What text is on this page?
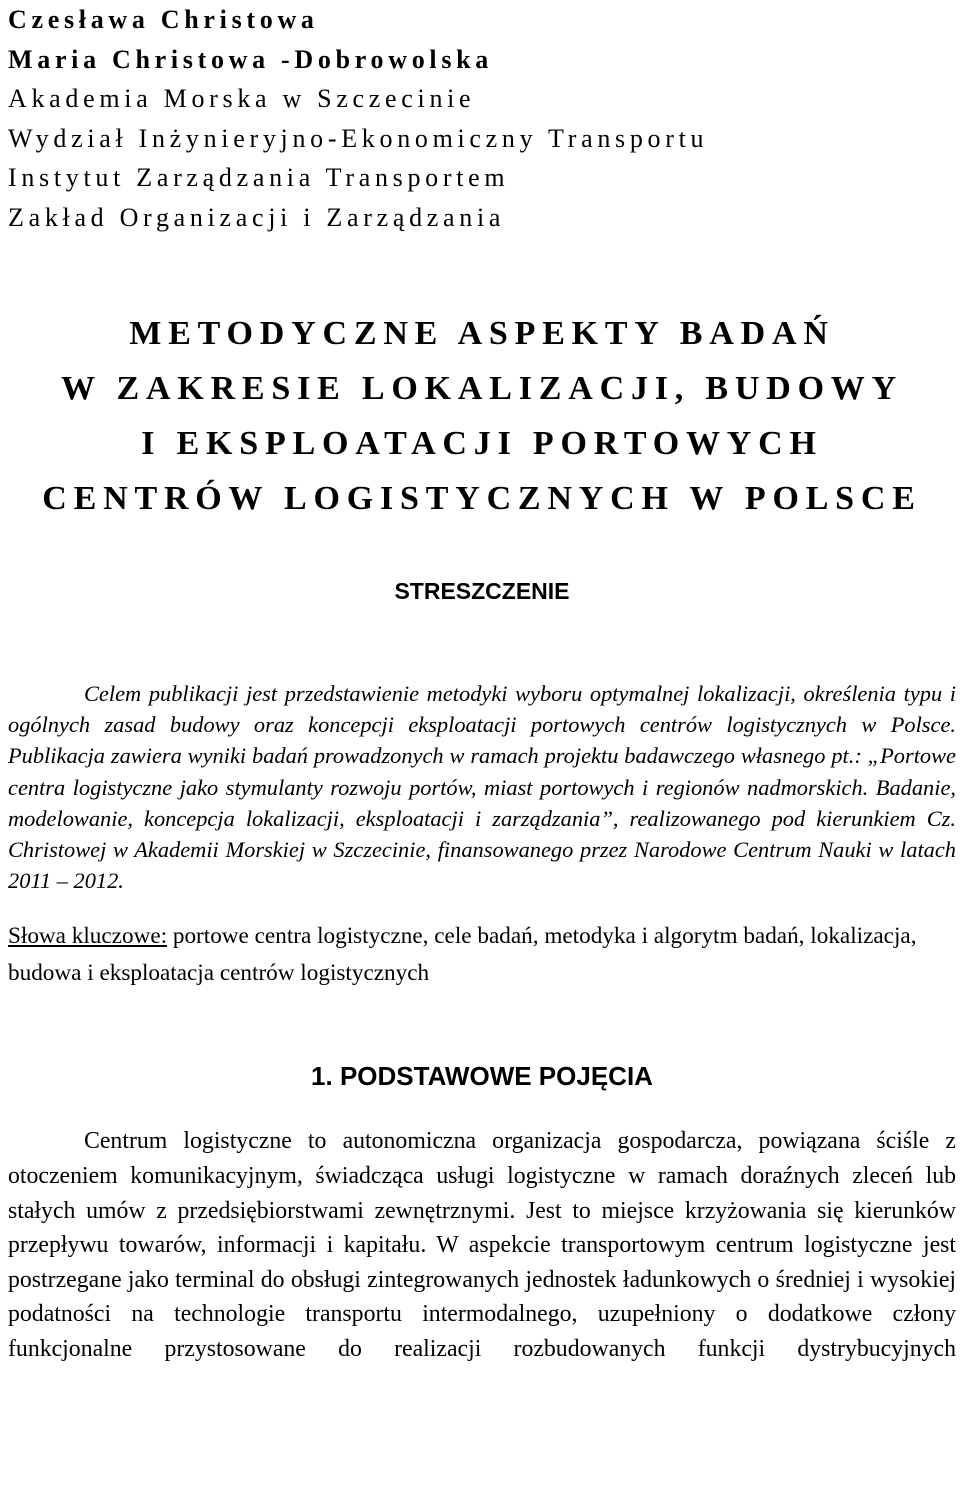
Czesława Christowa
Maria Christowa -Dobrowolska
Akademia Morska w Szczecinie
Wydział Inżynieryjno-Ekonomiczny Transportu
Instytut Zarządzania Transportem
Zakład Organizacji i Zarządzania
METODYCZNE ASPEKTY BADAŃ
W ZAKRESIE LOKALIZACJI, BUDOWY
I EKSPLOATACJI PORTOWYCH
CENTRÓW LOGISTYCZNYCH W POLSCE
STRESZCZENIE
Celem publikacji jest przedstawienie metodyki wyboru optymalnej lokalizacji, określenia typu i ogólnych zasad budowy oraz koncepcji eksploatacji portowych centrów logistycznych w Polsce. Publikacja zawiera wyniki badań prowadzonych w ramach projektu badawczego własnego pt.: „Portowe centra logistyczne jako stymulanty rozwoju portów, miast portowych i regionów nadmorskich. Badanie, modelowanie, koncepcja lokalizacji, eksploatacji i zarządzania”, realizowanego pod kierunkiem Cz. Christowej w Akademii Morskiej w Szczecinie, finansowanego przez Narodowe Centrum Nauki w latach 2011 – 2012.
Słowa kluczowe: portowe centra logistyczne, cele badań, metodyka i algorytm badań, lokalizacja, budowa i eksploatacja centrów logistycznych
1. PODSTAWOWE POJĘCIA
Centrum logistyczne to autonomiczna organizacja gospodarcza, powiązana ściśle z otoczeniem komunikacyjnym, świadcząca usługi logistyczne w ramach doraźnych zleceń lub stałych umów z przedsiębiorstwami zewnętrznymi. Jest to miejsce krzyżowania się kierunków przepływu towarów, informacji i kapitału. W aspekcie transportowym centrum logistyczne jest postrzegane jako terminal do obsługi zintegrowanych jednostek ładunkowych o średniej i wysokiej podatności na technologie transportu intermodalnego, uzupełniony o dodatkowe człony funkcjonalne przystosowane do realizacji rozbudowanych funkcji dystrybucyjnych
